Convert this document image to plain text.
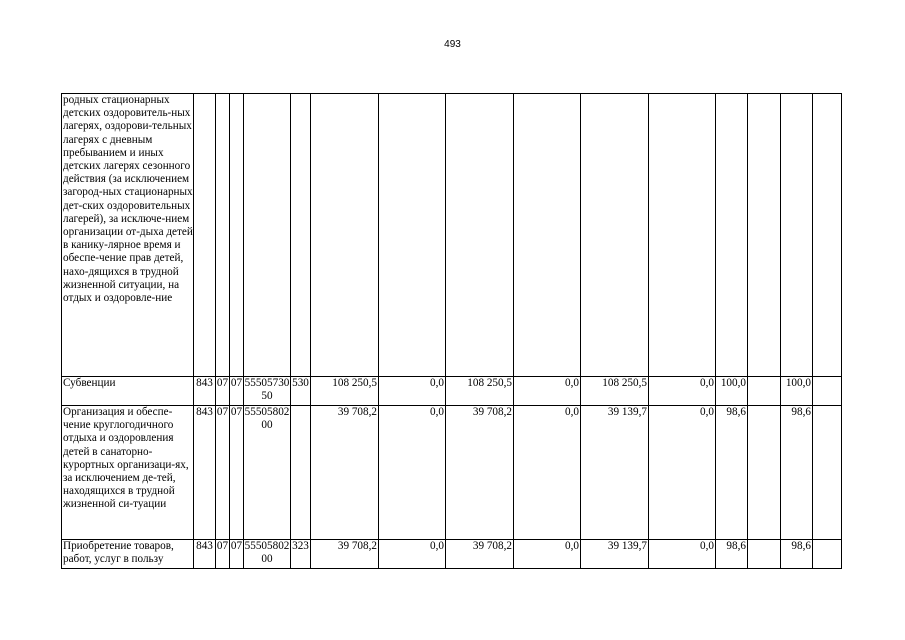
493
родных стационарных детских оздоровитель-ных лагерях, оздорови-тельных лагерях с дневным пребыванием и иных детских лагерях сезонного действия (за исключением загород-ных стационарных дет-ских оздоровительных лагерей), за исключе-нием организации от-дыха детей в канику-лярное время и обеспе-чение прав детей, нахо-дящихся в трудной жизненной ситуации, на отдых и оздоровле-ние															
Субвенции	843	07	07	5550573050	530	108 250,5	0,0	108 250,5	0,0	108 250,5	0,0	100,0		100,0	
Организация и обеспе-чение круглогодичного отдыха и оздоровления детей в санаторно-курортных организаци-ях, за исключением де-тей, находящихся в трудной жизненной си-туации	843	07	07	5550580200		39 708,2	0,0	39 708,2	0,0	39 139,7	0,0	98,6		98,6	
Приобретение товаров, работ, услуг в пользу	843	07	07	5550580200	323	39 708,2	0,0	39 708,2	0,0	39 139,7	0,0	98,6		98,6	
